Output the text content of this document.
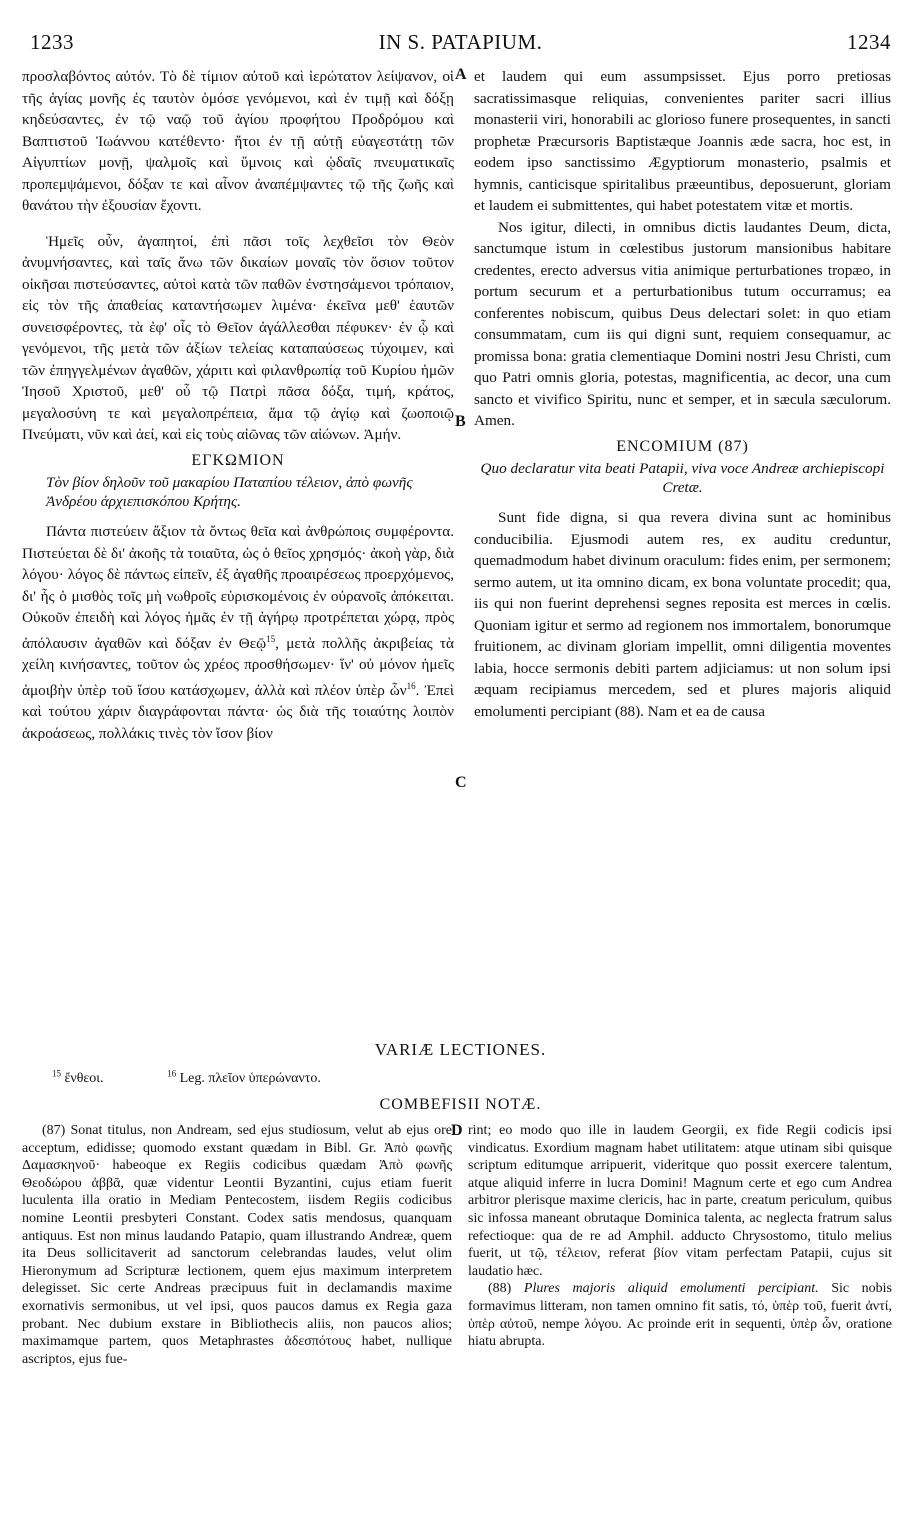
1233	IN S. PATAPIUM.	1234

προσλαβόντος αὐτόν. Τὸ δὲ τίμιον αὐτοῦ καὶ ἱερώτατον λείψανον, οἱ τῆς ἁγίας μονῆς ἐς ταυτὸν ὁμόσε γενόμενοι, καὶ ἐν τιμῇ καὶ δόξῃ κηδεύσαντες, ἐν τῷ ναῷ τοῦ ἁγίου προφήτου Προδρόμου καὶ Βαπτιστοῦ Ἰωάννου κατέθεντο· ἤτοι ἐν τῇ αὐτῇ εὐαγεστάτῃ τῶν Αἰγυπτίων μονῇ, ψαλμοῖς καὶ ὕμνοις καὶ ᾠδαῖς πνευματικαῖς προπεμψάμενοι, δόξαν τε καὶ αἶνον ἀναπέμψαντες τῷ τῆς ζωῆς καὶ θανάτου τὴν ἐξουσίαν ἔχοντι.

Ἡμεῖς οὖν, ἀγαπητοί, ἐπὶ πᾶσι τοῖς λεχθεῖσι τὸν Θεὸν ἀνυμνήσαντες, καὶ ταῖς ἄνω τῶν δικαίων μοναῖς τὸν ὅσιον τοῦτον οἰκῆσαι πιστεύσαντες, αὐτοὶ κατὰ τῶν παθῶν ἐνστησάμενοι τρόπαιον, εἰς τὸν τῆς ἀπαθείας καταντήσωμεν λιμένα· ἐκεῖνα μεθ' ἑαυτῶν συνεισφέροντες, τὰ ἐφ' οἷς τὸ Θεῖον ἀγάλλεσθαι πέφυκεν· ἐν ᾧ καὶ γενόμενοι, τῆς μετὰ τῶν ἀξίων τελείας καταπαύσεως τύχοιμεν, καὶ τῶν ἐπηγγελμένων ἀγαθῶν, χάριτι καὶ φιλανθρωπίᾳ τοῦ Κυρίου ἡμῶν Ἰησοῦ Χριστοῦ, μεθ' οὗ τῷ Πατρὶ πᾶσα δόξα, τιμή, κράτος, μεγαλοσύνη τε καὶ μεγαλοπρέπεια, ἅμα τῷ ἁγίῳ καὶ ζωοποιῷ Πνεύματι, νῦν καὶ ἀεί, καὶ εἰς τοὺς αἰῶνας τῶν αἰώνων. Ἀμήν.

ΕΓΚΩΜΙΟΝ
Τὸν βίον δηλοῦν τοῦ μακαρίου Παταπίου τέλειον, ἀπὸ φωνῆς Ἀνδρέου ἀρχιεπισκόπου Κρήτης.

Πάντα πιστεύειν ἄξιον τὰ ὄντως θεῖα καὶ ἀνθρώποις συμφέροντα. Πιστεύεται δὲ δι' ἀκοῆς τὰ τοιαῦτα, ὡς ὁ θεῖος χρησμός· ἀκοὴ γὰρ, διὰ λόγου· λόγος δὲ πάντως εἰπεῖν, ἐξ ἀγαθῆς προαιρέσεως προερχόμενος, δι' ἧς ὁ μισθὸς τοῖς μὴ νωθροῖς εὑρισκομένοις ἐν οὐρανοῖς ἀπόκειται. Οὐκοῦν ἐπειδὴ καὶ λόγος ἡμᾶς ἐν τῇ ἀγήρῳ προτρέπεται χώρᾳ, πρὸς ἀπόλαυσιν ἀγαθῶν καὶ δόξαν ἐν Θεῷ$^{15}$, μετὰ πολλῆς ἀκριβείας τὰ χείλη κινήσαντες, τοῦτον ὡς χρέος προσθήσωμεν· ἵν' οὐ μόνον ἡμεῖς ἀμοιβὴν ὑπὲρ τοῦ ἴσου κατάσχωμεν, ἀλλὰ καὶ πλέον ὑπὲρ ὧν$^{16}$. Ἐπεὶ καὶ τούτου χάριν διαγράφονται πάντα· ὡς διὰ τῆς τοιαύτης λοιπὸν ἀκροάσεως, πολλάκις τινὲς τὸν ἴσον βίον

A
B
C
D

et laudem qui eum assumpsisset. Ejus porro pretiosas sacratissimasque reliquias, convenientes pariter sacri illius monasterii viri, honorabili ac glorioso funere prosequentes, in sancti prophetæ Præcursoris Baptistæque Joannis æde sacra, hoc est, in eodem ipso sanctissimo Ægyptiorum monasterio, psalmis et hymnis, canticisque spiritalibus præeuntibus, deposuerunt, gloriam et laudem ei submittentes, qui habet potestatem vitæ et mortis.

Nos igitur, dilecti, in omnibus dictis laudantes Deum, dicta, sanctumque istum in cœlestibus justorum mansionibus habitare credentes, erecto adversus vitia animique perturbationes tropæo, in portum securum et a perturbationibus tutum occurramus; ea conferentes nobiscum, quibus Deus delectari solet: in quo etiam consummatam, cum iis qui digni sunt, requiem consequamur, ac promissa bona: gratia clementiaque Domini nostri Jesu Christi, cum quo Patri omnis gloria, potestas, magnificentia, ac decor, una cum sancto et vivifico Spiritu, nunc et semper, et in sæcula sæculorum. Amen.

ENCOMIUM (87)
Quo declaratur vita beati Patapii, viva voce Andreæ archiepiscopi Cretæ.

Sunt fide digna, si qua revera divina sunt ac hominibus conducibilia. Ejusmodi autem res, ex auditu creduntur, quemadmodum habet divinum oraculum: fides enim, per sermonem; sermo autem, ut ita omnino dicam, ex bona voluntate procedit; qua, iis qui non fuerint deprehensi segnes reposita est merces in cœlis. Quoniam igitur et sermo ad regionem nos immortalem, bonorumque fruitionem, ac divinam gloriam impellit, omni diligentia moventes labia, hocce sermonis debiti partem adjiciamus: ut non solum ipsi æquam recipiamus mercedem, sed et plures majoris aliquid emolumenti percipiant (88). Nam et ea de causa

VARIÆ LECTIONES.
$^{15}$ ἔνθεοι.	$^{16}$ Leg. πλεῖον ὑπερώναντο.
COMBEFISII NOTÆ.

(87) Sonat titulus, non Andream, sed ejus studiosum, velut ab ejus ore acceptum, edidisse; quomodo exstant quædam in Bibl. Gr. Ἀπὸ φωνῆς Δαμασκηνοῦ· habeoque ex Regiis codicibus quædam Ἀπὸ φωνῆς Θεοδώρου ἀββᾶ, quæ videntur Leontii Byzantini, cujus etiam fuerit luculenta illa oratio in Mediam Pentecostem, iisdem Regiis codicibus nomine Leontii presbyteri Constant. Codex satis mendosus, quanquam antiquus. Est non minus laudando Patapio, quam illustrando Andreæ, quem ita Deus sollicitaverit ad sanctorum celebrandas laudes, velut olim Hieronymum ad Scripturæ lectionem, quem ejus maximum interpretem delegisset. Sic certe Andreas præcipuus fuit in declamandis maxime exornativis sermonibus, ut vel ipsi, quos paucos damus ex Regia gaza probant. Nec dubium exstare in Bibliothecis aliis, non paucos alios; maximamque partem, quos Metaphrastes ἀδεσπότους habet, nullique ascriptos, ejus fue-

rint; eo modo quo ille in laudem Georgii, ex fide Regii codicis ipsi vindicatus. Exordium magnam habet utilitatem: atque utinam sibi quisque scriptum editumque arripuerit, videritque quo possit exercere talentum, atque aliquid inferre in lucra Domini! Magnum certe et ego cum Andrea arbitror plerisque maxime clericis, hac in parte, creatum periculum, quibus sic infossa maneant obrutaque Dominica talenta, ac neglecta fratrum salus refectioque: qua de re ad Amphil. adducto Chrysostomo, titulo melius fuerit, ut τῷ, τέλειον, referat βίον vitam perfectam Patapii, cujus sit laudatio hæc.

(88) Plures majoris aliquid emolumenti percipiant. Sic nobis formavimus litteram, non tamen omnino fit satis, τό, ὑπὲρ τοῦ, fuerit ἀντί, ὑπὲρ αὐτοῦ, nempe λόγου. Ac proinde erit in sequenti, ὑπὲρ ὧν, oratione hiatu abrupta.
